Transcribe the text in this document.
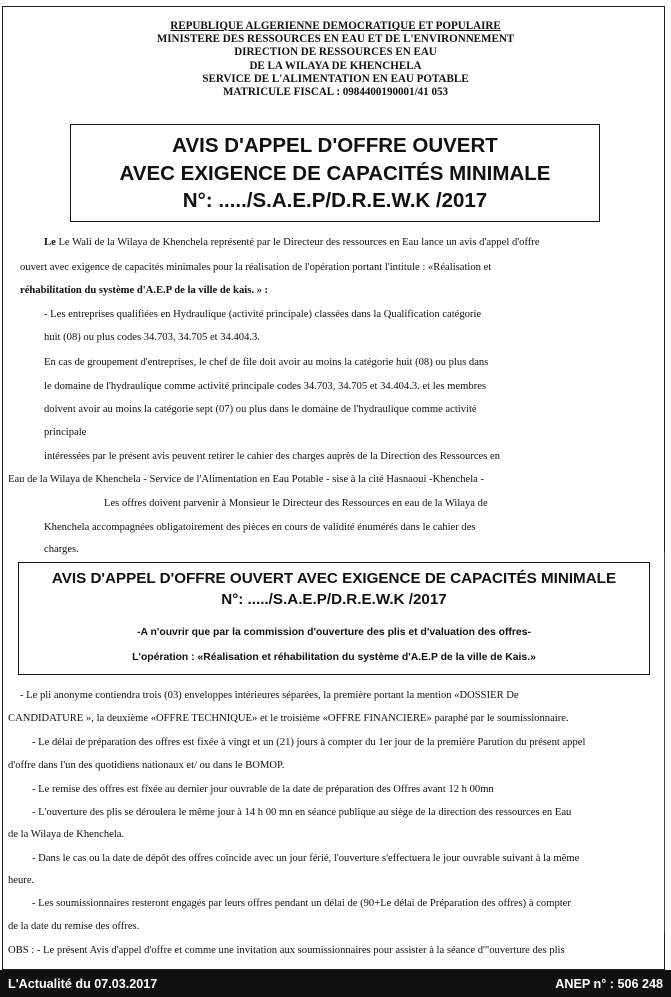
REPUBLIQUE ALGERIENNE DEMOCRATIQUE ET POPULAIRE
MINISTERE DES RESSOURCES EN EAU ET DE L'ENVIRONNEMENT
DIRECTION DE RESSOURCES EN EAU
DE LA WILAYA DE KHENCHELA
SERVICE DE L'ALIMENTATION EN EAU POTABLE
MATRICULE FISCAL : 0984400190001/41 053
AVIS D'APPEL D'OFFRE OUVERT
AVEC EXIGENCE DE CAPACITÉS MINIMALE
N°: ...../S.A.E.P/D.R.E.W.K /2017
Le Le Wali de la Wilaya de Khenchela représenté par le Directeur des ressources en Eau lance un avis d'appel d'offre
ouvert avec exigence de capacités minimales pour la réalisation de l'opération portant l'intitule : «Réalisation et
réhabilitation du système d'A.E.P de la ville de kais. » :
- Les entreprises qualifiées en Hydraulique (activité principale) classées dans la Qualification catégorie
huit (08) ou plus codes 34.703, 34.705 et 34.404.3.
En cas de groupement d'entreprises, le chef de file doit avoir au moins la catégorie huit (08) ou plus dans
le domaine de l'hydraulique comme activité principale codes 34.703, 34.705 et 34.404.3. et les membres
doivent avoir au moins la catégorie sept (07) ou plus dans le domaine de l'hydraulique comme activité
principale
intéressées par le présent avis peuvent retirer le cahier des charges auprès de la Direction des Ressources en
Eau de la Wilaya de Khenchela - Service de l'Alimentation en Eau Potable - sise à la cité Hasnaoui -Khenchela -
Les offres doivent parvenir à Monsieur le Directeur des Ressources en eau de la Wilaya de
Khenchela accompagnées obligatoirement des pièces en cours de validité énumérés dans le cahier des
charges.
AVIS D'APPEL D'OFFRE OUVERT AVEC EXIGENCE DE CAPACITÉS MINIMALE
N°: ...../S.A.E.P/D.R.E.W.K /2017
-A n'ouvrir que par la commission d'ouverture des plis et d'valuation des offres-
L'opération : «Réalisation et réhabilitation du système d'A.E.P de la ville de Kais.»
- Le pli anonyme contiendra trois (03) enveloppes intérieures séparées, la première portant la mention «DOSSIER De
CANDIDATURE », la deuxième «OFFRE TECHNIQUE» et le troisième «OFFRE FINANCIERE» paraphé par le soumissionnaire.
- Le délai de préparation des offres est fixée à vingt et un (21) jours à compter du 1er jour de la première Parution du présent appel
d'offre dans l'un des quotidiens nationaux et/ ou dans le BOMOP.
- Le remise des offres est fixée au dernier jour ouvrable de la date de préparation des Offres avant 12 h 00mn
- L'ouverture des plis se déroulera le même jour à 14 h 00 mn en séance publique au siège de la direction des ressources en Eau
de la Wilaya de Khenchela.
- Dans le cas ou la date de dépôt des offres coïncide avec un jour férié, l'ouverture s'effectuera le jour ouvrable suivant à la même
heure.
- Les soumissionnaires resteront engagés par leurs offres pendant un délai de (90+Le délai de Préparation des offres) à compter
de la date du remise des offres.
OBS : - Le présent Avis d'appel d'offre et comme une invitation aux soumissionnaires pour assister à la séance d'"ouverture des plis
L'Actualité du 07.03.2017	ANEP n° : 506 248
